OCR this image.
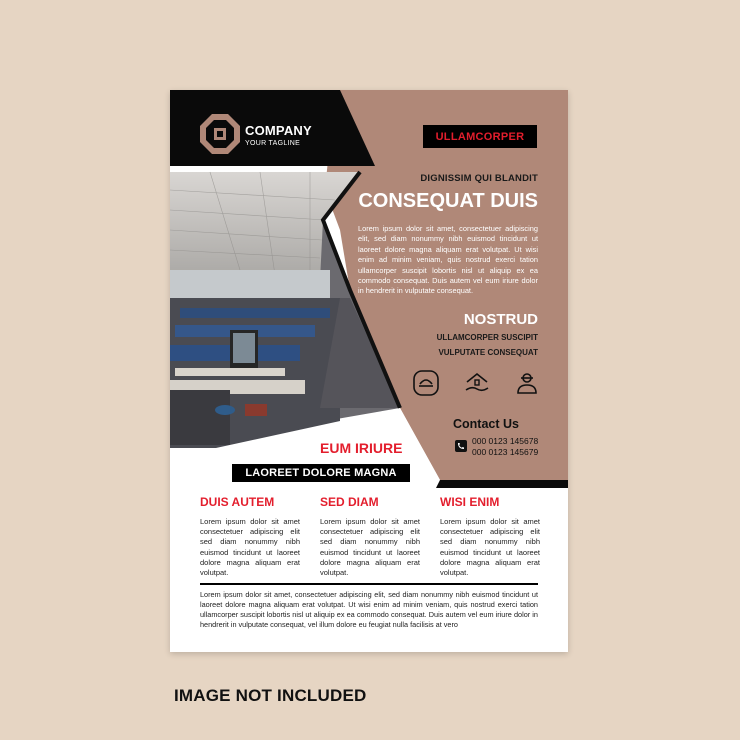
COMPANY
YOUR TAGLINE
ULLAMCORPER
DIGNISSIM QUI BLANDIT
CONSEQUAT DUIS
Lorem ipsum dolor sit amet, consectetuer adipiscing elit, sed diam nonummy nibh euismod tincidunt ut laoreet dolore magna aliquam erat volutpat. Ut wisi enim ad minim veniam, quis nostrud exerci tation ullamcorper suscipit lobortis nisl ut aliquip ex ea commodo consequat. Duis autem vel eum iriure dolor in hendrerit in vulputate consequat.
NOSTRUD
ULLAMCORPER SUSCIPIT
VULPUTATE CONSEQUAT
Contact Us
000 0123 145678
000 0123 145679
EUM IRIURE
LAOREET DOLORE MAGNA
DUIS AUTEM
Lorem ipsum dolor sit amet consectetuer adipiscing elit sed diam nonummy nibh euismod tincidunt ut laoreet dolore magna aliquam erat volutpat.
SED DIAM
Lorem ipsum dolor sit amet consectetuer adipiscing elit sed diam nonummy nibh euismod tincidunt ut laoreet dolore magna aliquam erat volutpat.
WISI ENIM
Lorem ipsum dolor sit amet consectetuer adipiscing elit sed diam nonummy nibh euismod tincidunt ut laoreet dolore magna aliquam erat volutpat.
Lorem ipsum dolor sit amet, consectetuer adipiscing elit, sed diam nonummy nibh euismod tincidunt ut laoreet dolore magna aliquam erat volutpat. Ut wisi enim ad minim veniam, quis nostrud exerci tation ullamcorper suscipit lobortis nisl ut aliquip ex ea commodo consequat. Duis autem vel eum iriure dolor in hendrerit in vulputate consequat, vel illum dolore eu feugiat nulla facilisis at vero
IMAGE NOT INCLUDED
